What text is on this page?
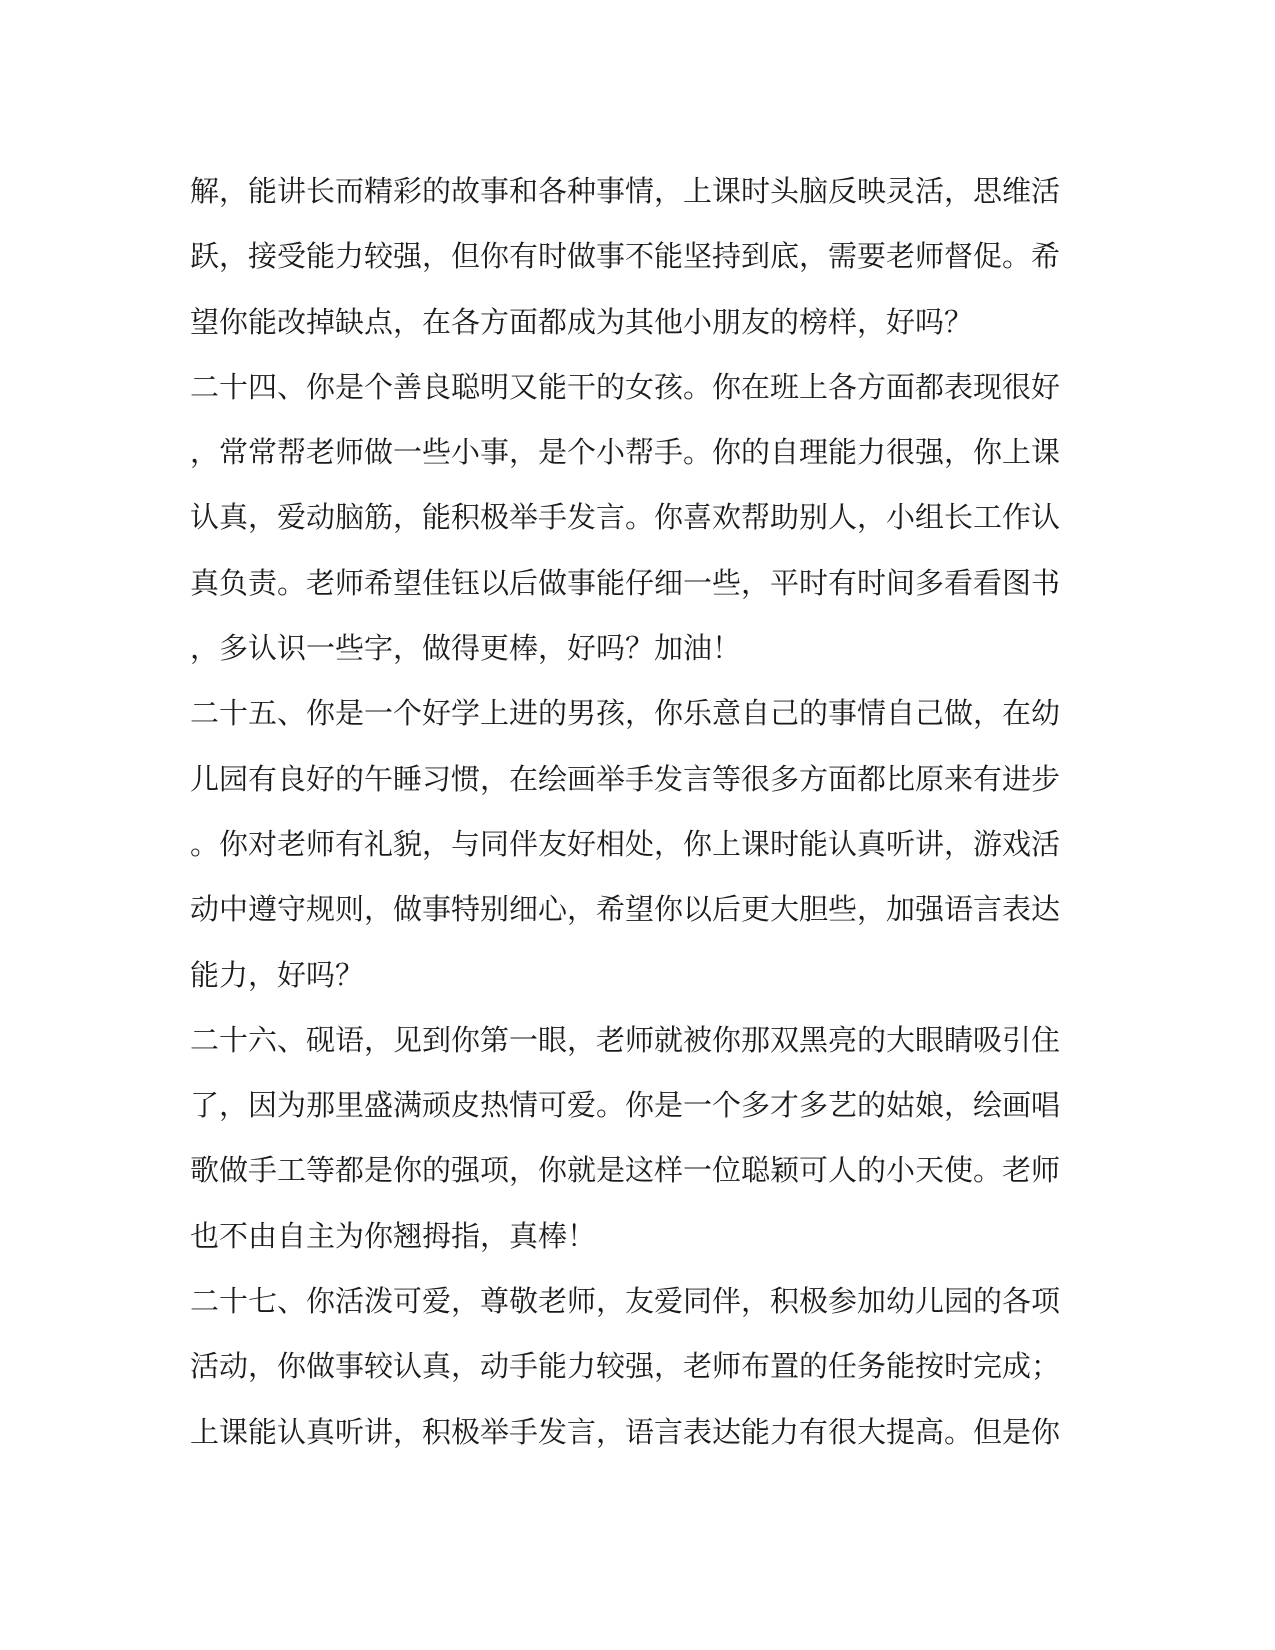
解，能讲长而精彩的故事和各种事情，上课时头脑反映灵活，思维活
跃，接受能力较强，但你有时做事不能坚持到底，需要老师督促。希
望你能改掉缺点，在各方面都成为其他小朋友的榜样，好吗？
二十四、你是个善良聪明又能干的女孩。你在班上各方面都表现很好
，常常帮老师做一些小事，是个小帮手。你的自理能力很强，你上课
认真，爱动脑筋，能积极举手发言。你喜欢帮助别人，小组长工作认
真负责。老师希望佳钰以后做事能仔细一些，平时有时间多看看图书
，多认识一些字，做得更棒，好吗？加油！
二十五、你是一个好学上进的男孩，你乐意自己的事情自己做，在幼
儿园有良好的午睡习惯，在绘画举手发言等很多方面都比原来有进步
。你对老师有礼貌，与同伴友好相处，你上课时能认真听讲，游戏活
动中遵守规则，做事特别细心，希望你以后更大胆些，加强语言表达
能力，好吗？
二十六、砚语，见到你第一眼，老师就被你那双黑亮的大眼睛吸引住
了，因为那里盛满顽皮热情可爱。你是一个多才多艺的姑娘，绘画唱
歌做手工等都是你的强项，你就是这样一位聪颖可人的小天使。老师
也不由自主为你翘拇指，真棒！
二十七、你活泼可爱，尊敬老师，友爱同伴，积极参加幼儿园的各项
活动，你做事较认真，动手能力较强，老师布置的任务能按时完成；
上课能认真听讲，积极举手发言，语言表达能力有很大提高。但是你
